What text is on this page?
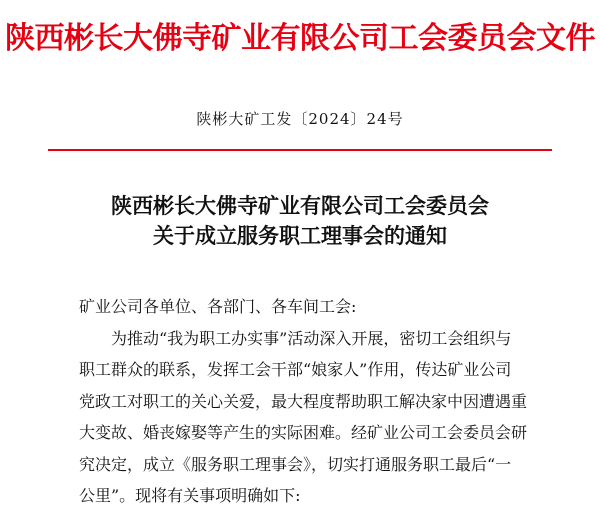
陕西彬长大佛寺矿业有限公司工会委员会文件
陕彬大矿工发〔2024〕24号
陕西彬长大佛寺矿业有限公司工会委员会
关于成立服务职工理事会的通知

矿业公司各单位、各部门、各车间工会:

为推动“我为职工办实事”活动深入开展，密切工会组织与
职工群众的联系，发挥工会干部“娘家人”作用，传达矿业公司
党政工对职工的关心关爱，最大程度帮助职工解决家中因遭遇重
大变故、婚丧嫁娶等产生的实际困难。经矿业公司工会委员会研
究决定，成立《服务职工理事会》，切实打通服务职工最后“一
公里”。现将有关事项明确如下:
